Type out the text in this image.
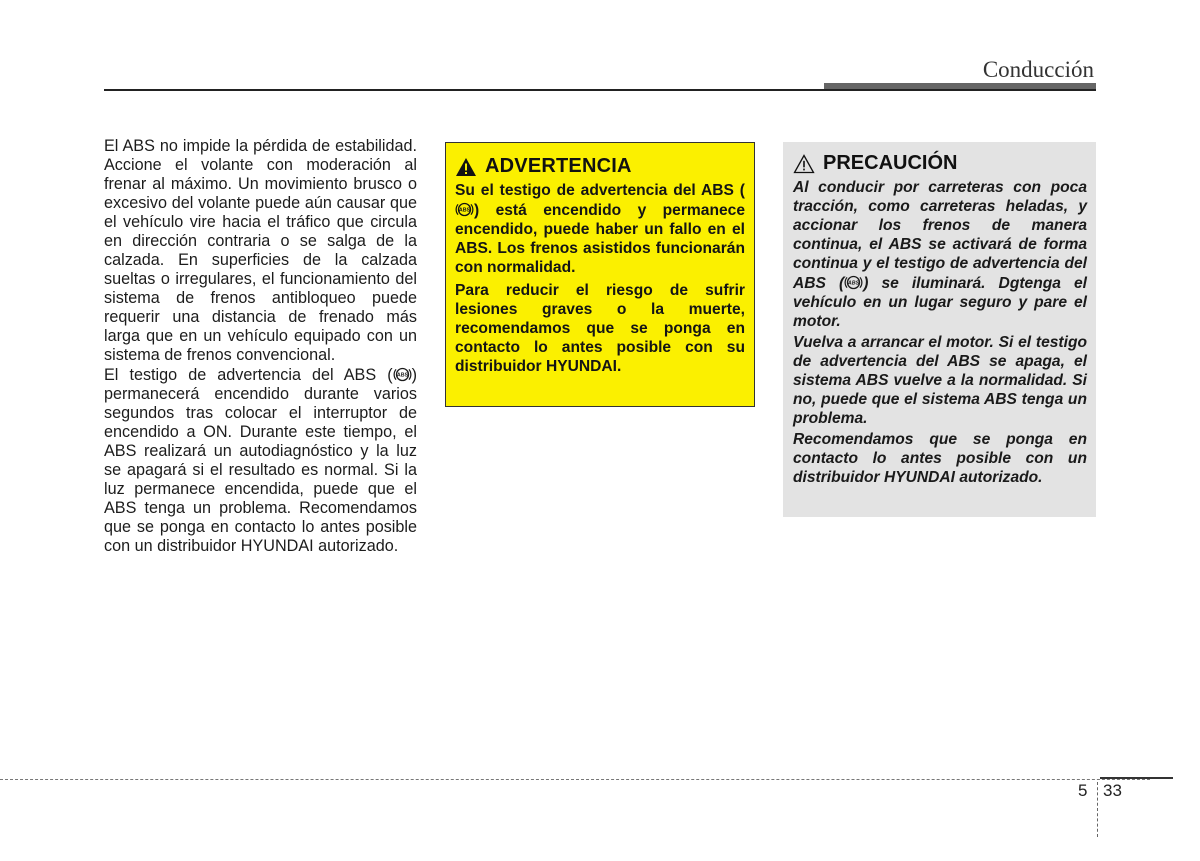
Conducción

El ABS no impide la pérdida de estabilidad. Accione el volante con moderación al frenar al máximo. Un movimiento brusco o excesivo del volante puede aún causar que el vehículo vire hacia el tráfico que circula en dirección contraria o se salga de la calzada. En superficies de la calzada sueltas o irregulares, el funcionamiento del sistema de frenos antibloqueo puede requerir una distancia de frenado más larga que en un vehículo equipado con un sistema de frenos convencional.

El testigo de advertencia del ABS ( ABS ) permanecerá encendido durante varios segundos tras colocar el interruptor de encendido a ON. Durante este tiempo, el ABS realizará un autodiagnóstico y la luz se apagará si el resultado es normal. Si la luz permanece encendida, puede que el ABS tenga un problema. Recomendamos que se ponga en contacto lo antes posible con un distribuidor HYUNDAI autorizado.

ADVERTENCIA

Su el testigo de advertencia del ABS (
ABS ) está encendido y permanece encendido, puede haber un fallo en el ABS. Los frenos asistidos funcionarán con normalidad.

Para reducir el riesgo de sufrir lesiones graves o la muerte, recomendamos que se ponga en contacto lo antes posible con su distribuidor HYUNDAI.

PRECAUCIÓN

Al conducir por carreteras con poca tracción, como carreteras heladas, y accionar los frenos de manera continua, el ABS se activará de forma continua y el testigo de advertencia del ABS ( ABS ) se iluminará. Dgtenga el vehículo en un lugar seguro y pare el motor.

Vuelva a arrancar el motor. Si el testigo de advertencia del ABS se apaga, el sistema ABS vuelve a la normalidad. Si no, puede que el sistema ABS tenga un problema.

Recomendamos que se ponga en contacto lo antes posible con un distribuidor HYUNDAI autorizado.

5 33
